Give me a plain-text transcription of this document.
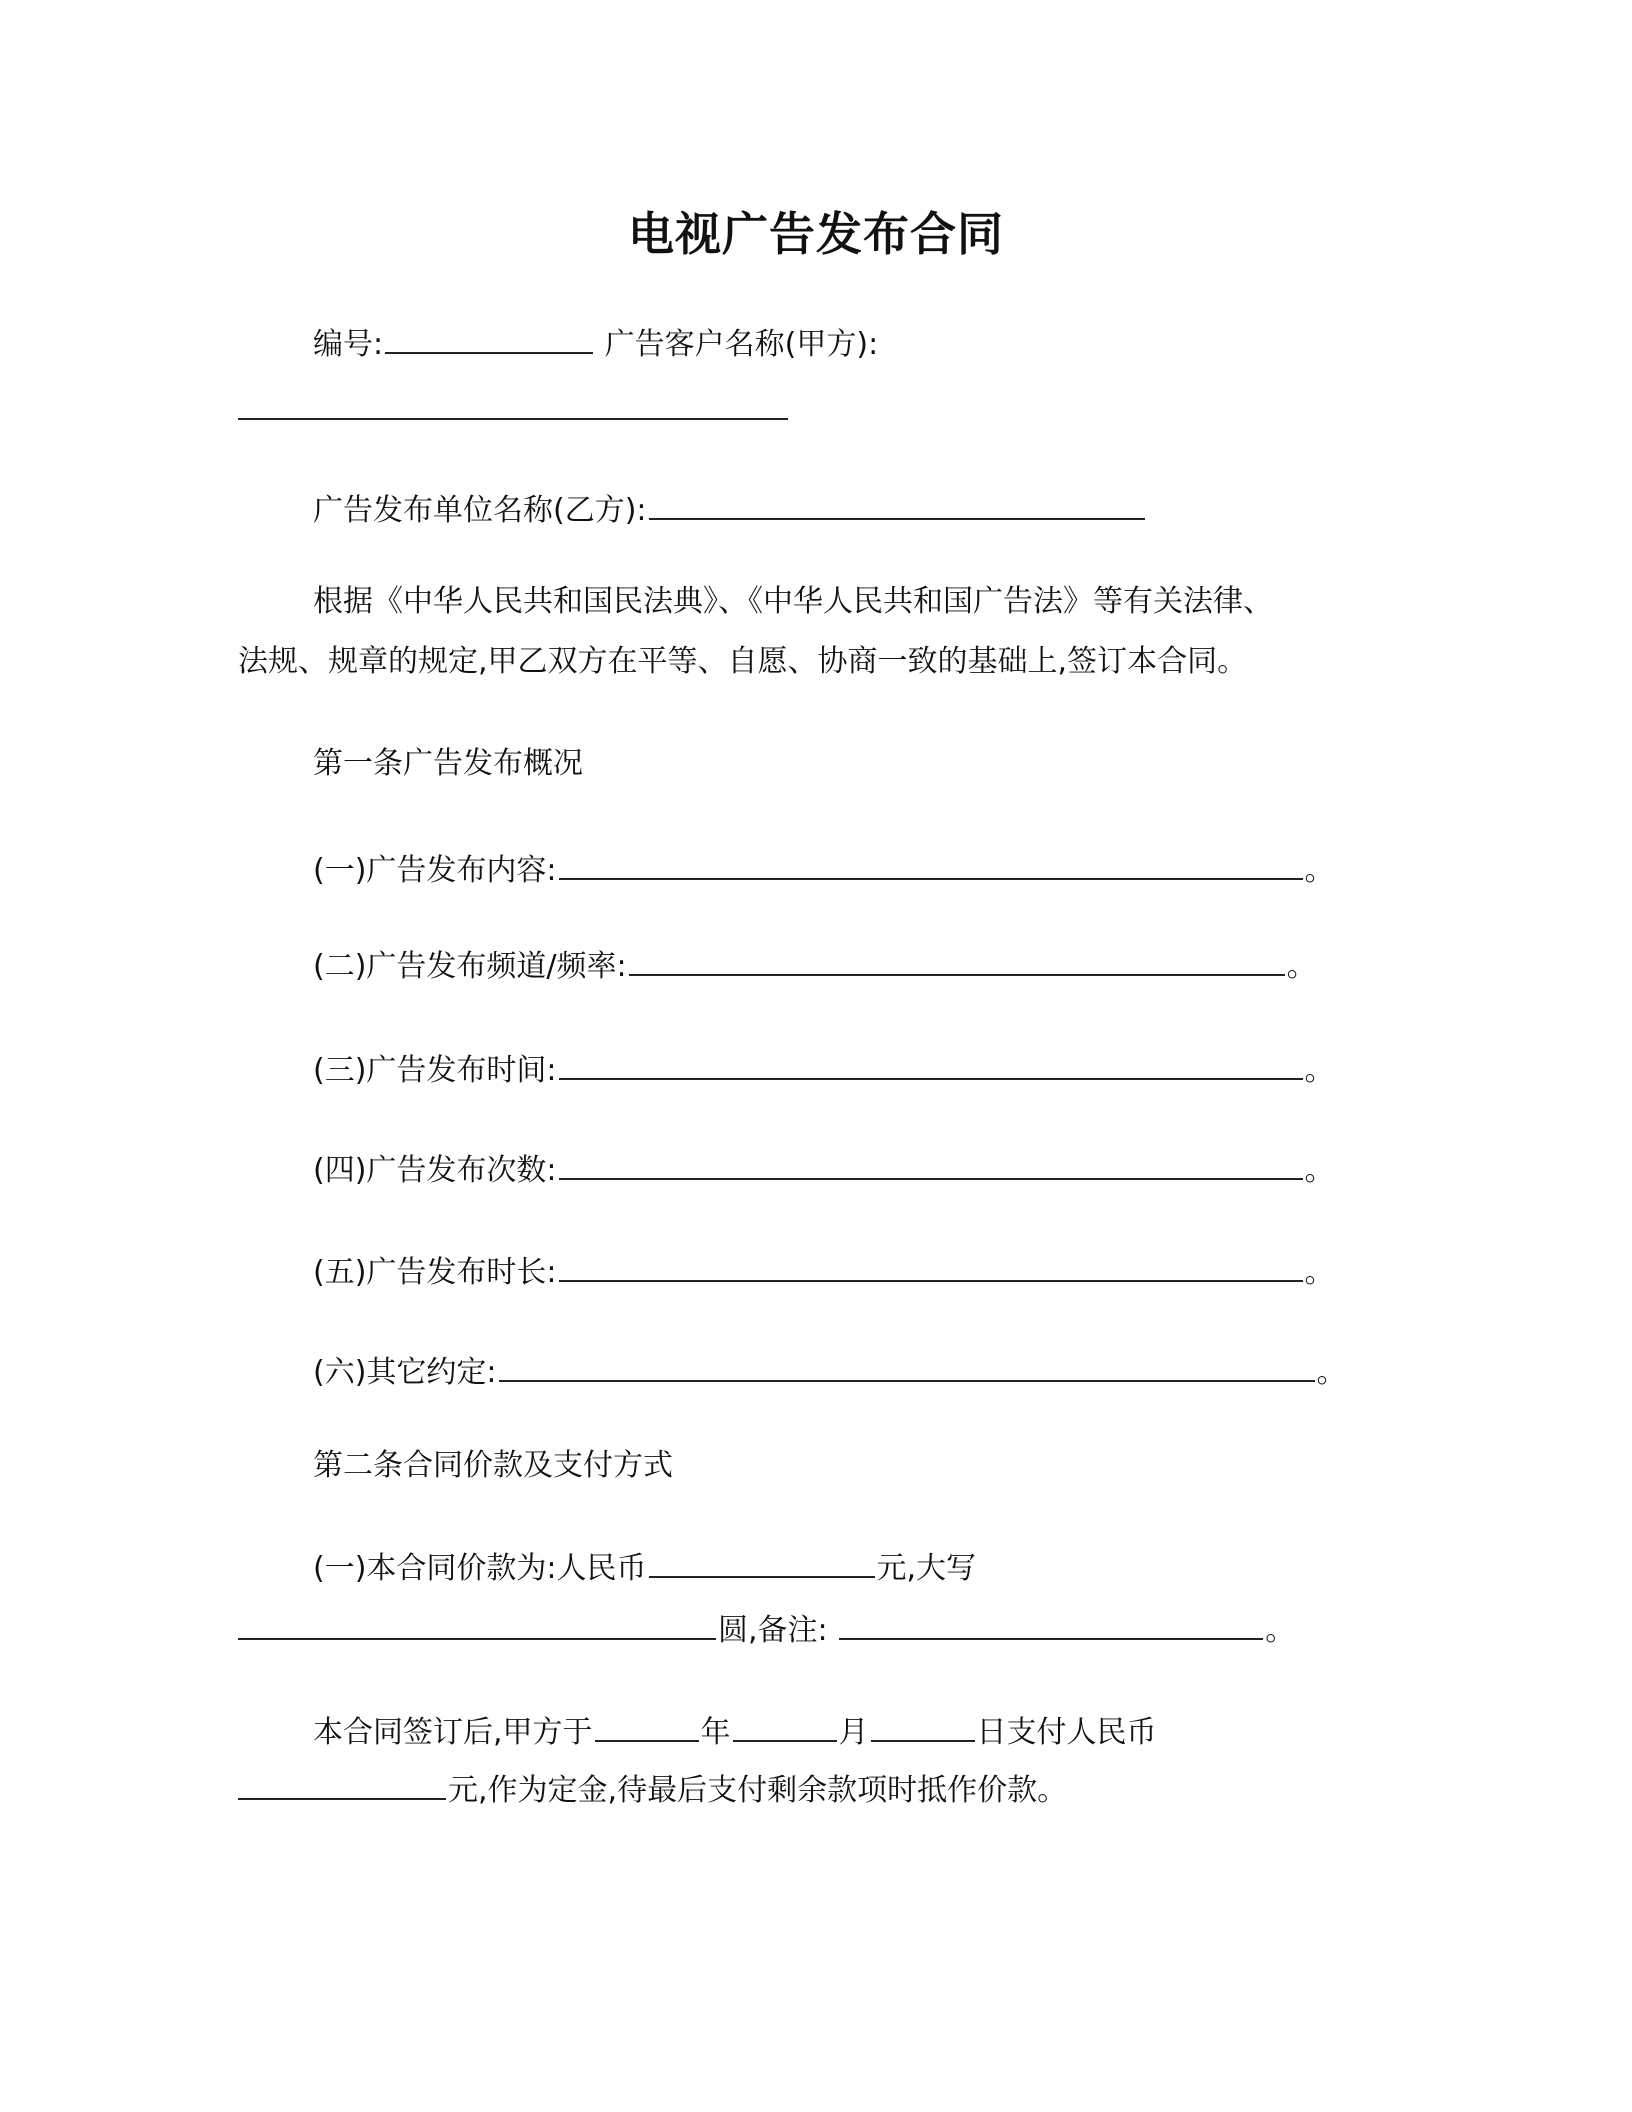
电视广告发布合同

编号:	广告客户名称(甲方):

广告发布单位名称(乙方):

根据《中华人民共和国民法典》、《中华人民共和国广告法》等有关法律、

法规、规章的规定,甲乙双方在平等、自愿、协商一致的基础上,签订本合同。

第一条广告发布概况

(一)广告发布内容:	。

(二)广告发布频道/频率:	。

(三)广告发布时间:	。

(四)广告发布次数:	。

(五)广告发布时长:	。

(六)其它约定:	。

第二条合同价款及支付方式

(一)本合同价款为:人民币	元,大写

圆,备注:	。

本合同签订后,甲方于	年	月	日支付人民币

元,作为定金,待最后支付剩余款项时抵作价款。
